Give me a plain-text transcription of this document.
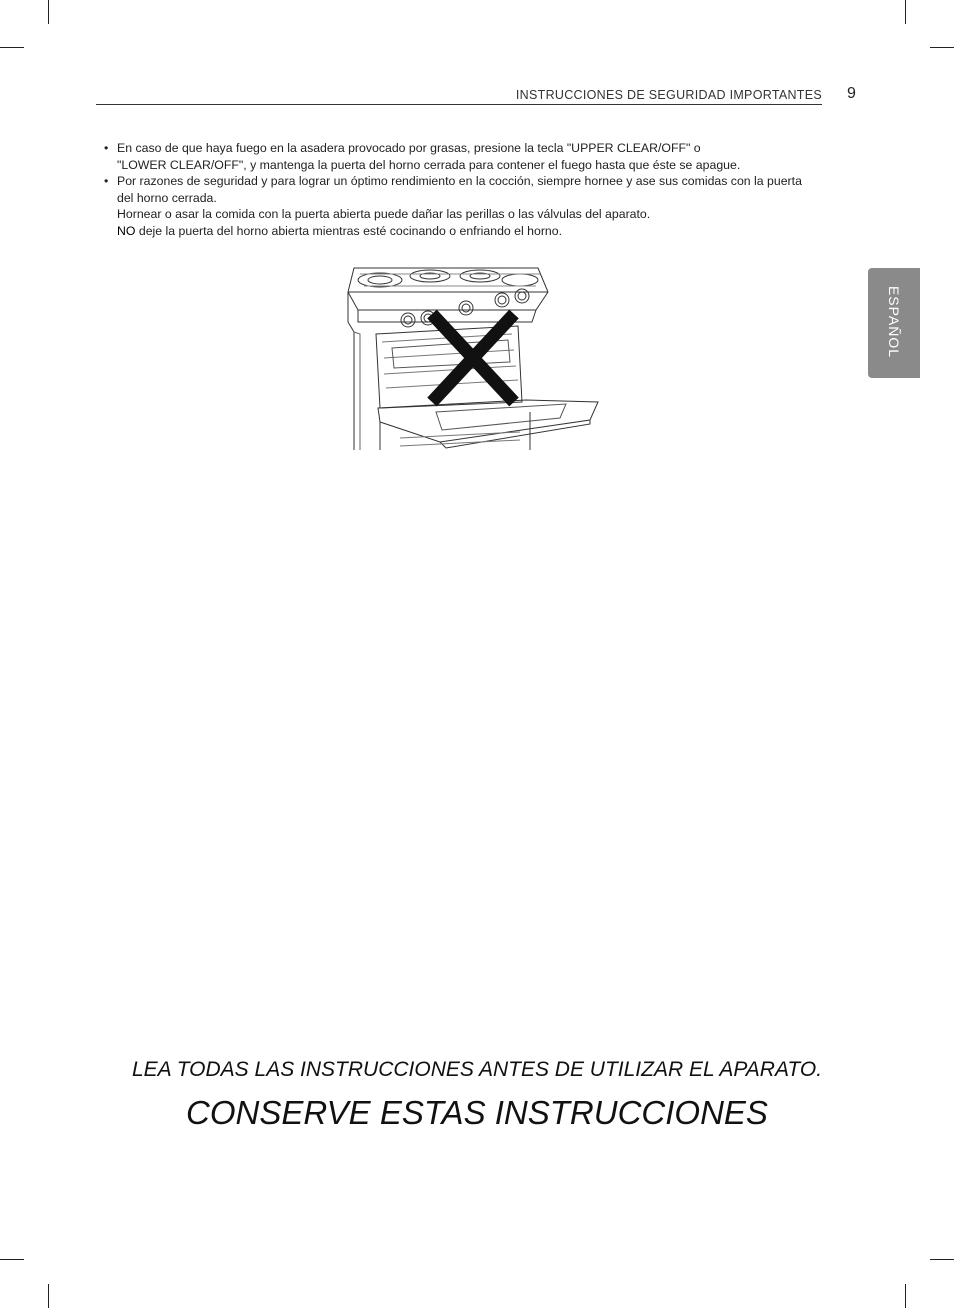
INSTRUCCIONES DE SEGURIDAD IMPORTANTES 9
ESPAÑOL
• En caso de que haya fuego en la asadera provocado por grasas, presione la tecla "UPPER CLEAR/OFF" o
"LOWER CLEAR/OFF", y mantenga la puerta del horno cerrada para contener el fuego hasta que éste se apague.
• Por razones de seguridad y para lograr un óptimo rendimiento en la cocción, siempre hornee y ase sus comidas con la puerta
del horno cerrada.
Hornear o asar la comida con la puerta abierta puede dañar las perillas o las válvulas del aparato.
NO deje la puerta del horno abierta mientras esté cocinando o enfriando el horno.
LEA TODAS LAS INSTRUCCIONES ANTES DE UTILIZAR EL APARATO.
CONSERVE ESTAS INSTRUCCIONES
